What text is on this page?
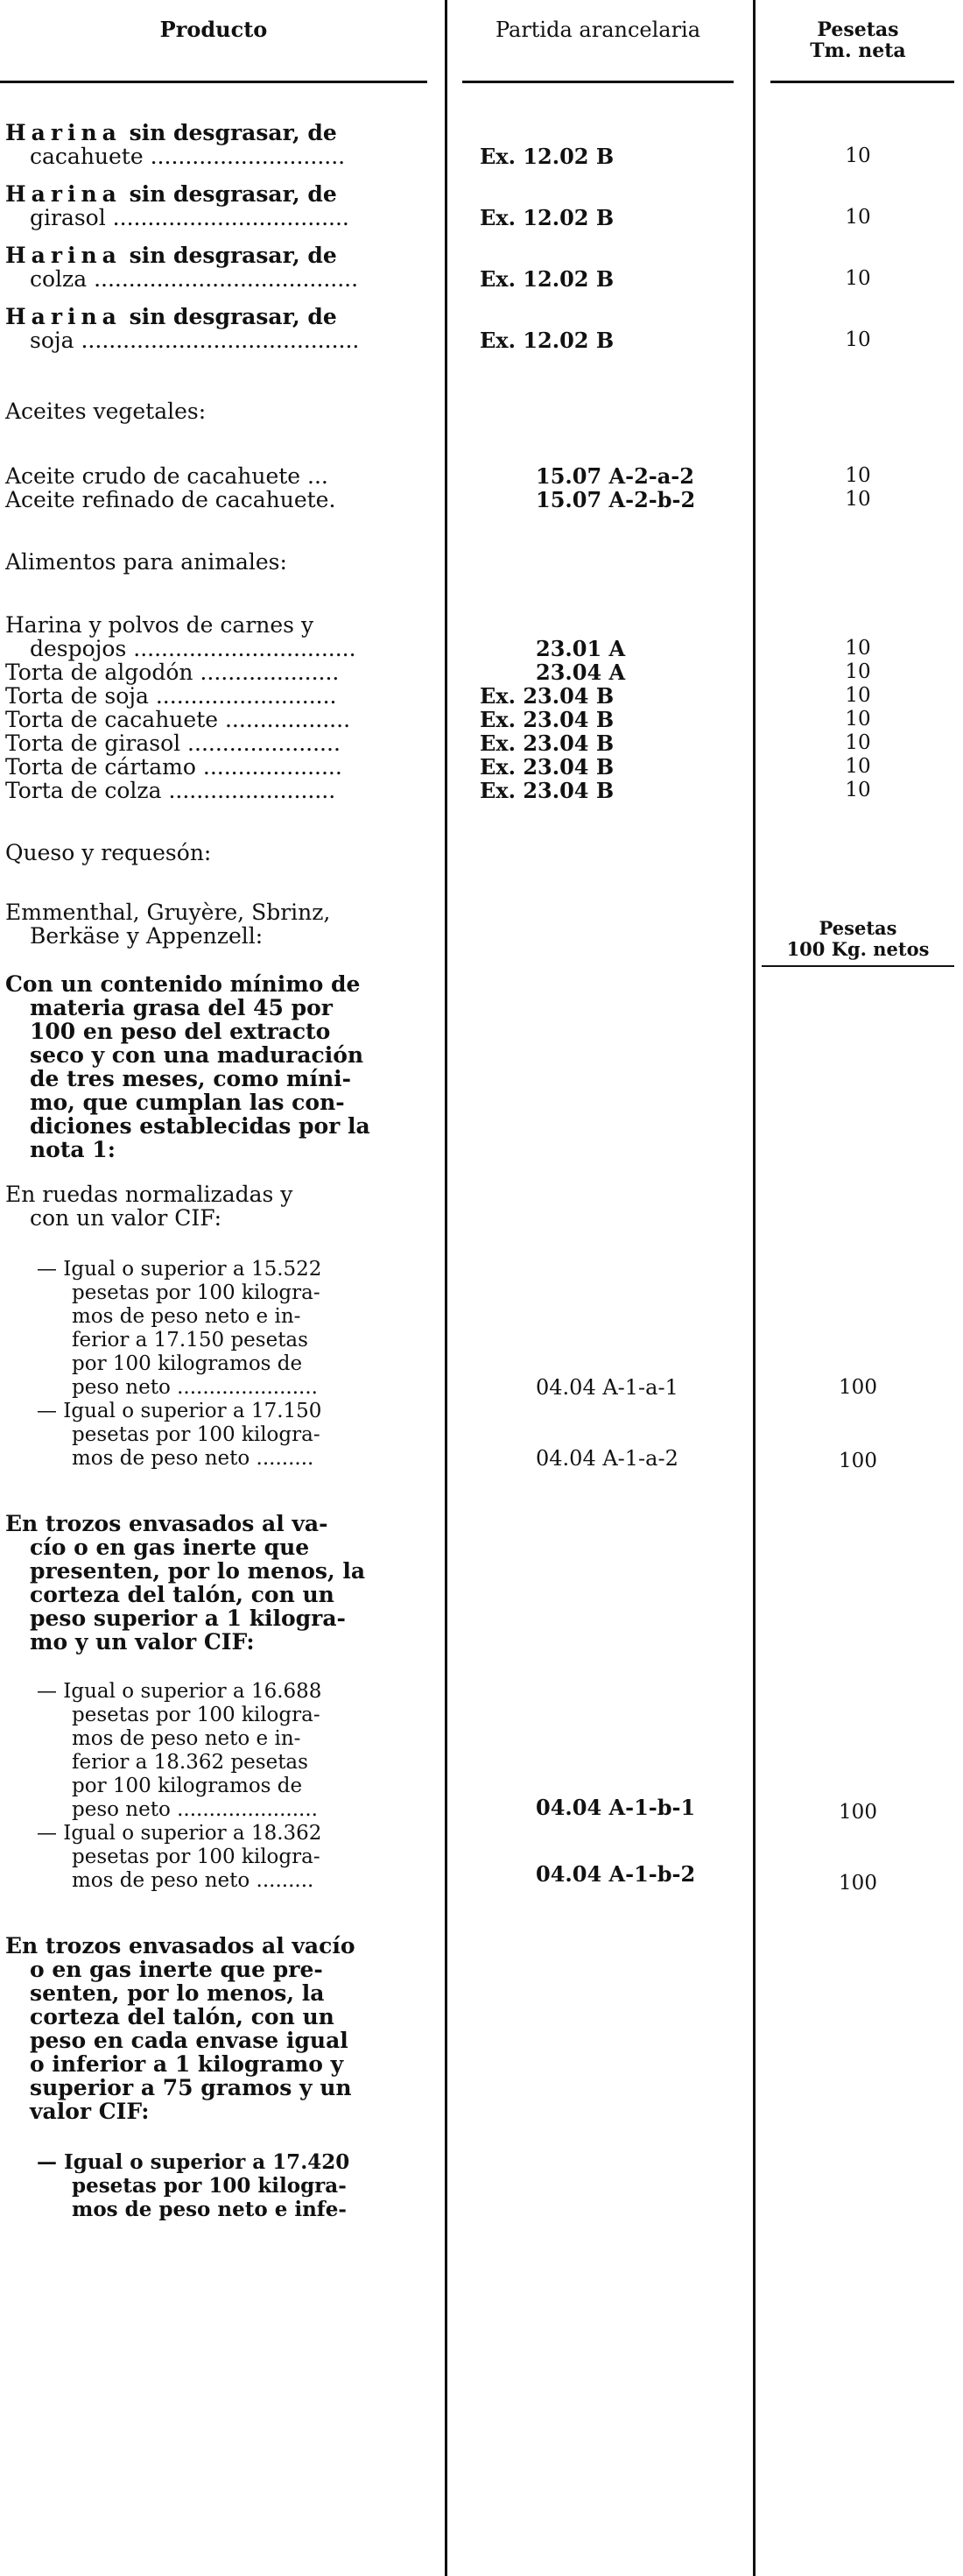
Producto	Partida arancelaria	Pesetas
Tm. neta
Harina sin desgrasar, de
cacahuete ............................	Ex. 12.02 B	10
Harina sin desgrasar, de
girasol ..................................	Ex. 12.02 B	10
Harina sin desgrasar, de
colza ......................................	Ex. 12.02 B	10
Harina sin desgrasar, de
soja ........................................	Ex. 12.02 B	10
Aceites vegetales:
Aceite crudo de cacahuete ...	15.07 A-2-a-2	10
Aceite refinado de cacahuete.	15.07 A-2-b-2	10
Alimentos para animales:
Harina y polvos de carnes y
despojos ................................	23.01 A	10
Torta de algodón ....................	23.04 A	10
Torta de soja ..........................	Ex. 23.04 B	10
Torta de cacahuete ..................	Ex. 23.04 B	10
Torta de girasol ......................	Ex. 23.04 B	10
Torta de cártamo ....................	Ex. 23.04 B	10
Torta de colza ........................	Ex. 23.04 B	10
Queso y requesón:
Pesetas
100 Kg. netos
Emmenthal, Gruyère, Sbrinz,
Berkäse y Appenzell:
Con un contenido mínimo de
materia grasa del 45 por
100 en peso del extracto
seco y con una maduración
de tres meses, como míni-
mo, que cumplan las con-
diciones establecidas por la
nota 1:
En ruedas normalizadas y
con un valor CIF:
— Igual o superior a 15.522
pesetas por 100 kilogra-
mos de peso neto e in-
ferior a 17.150 pesetas
por 100 kilogramos de
peso neto ......................	04.04 A-1-a-1	100
— Igual o superior a 17.150
pesetas por 100 kilogra-
mos de peso neto .........	04.04 A-1-a-2	100
En trozos envasados al va-
cío o en gas inerte que
presenten, por lo menos, la
corteza del talón, con un
peso superior a 1 kilogra-
mo y un valor CIF:
— Igual o superior a 16.688
pesetas por 100 kilogra-
mos de peso neto e in-
ferior a 18.362 pesetas
por 100 kilogramos de
peso neto ......................	04.04 A-1-b-1	100
— Igual o superior a 18.362
pesetas por 100 kilogra-
mos de peso neto .........	04.04 A-1-b-2	100
En trozos envasados al vacío
o en gas inerte que pre-
senten, por lo menos, la
corteza del talón, con un
peso en cada envase igual
o inferior a 1 kilogramo y
superior a 75 gramos y un
valor CIF:
— Igual o superior a 17.420
pesetas por 100 kilogra-
mos de peso neto e infe-
